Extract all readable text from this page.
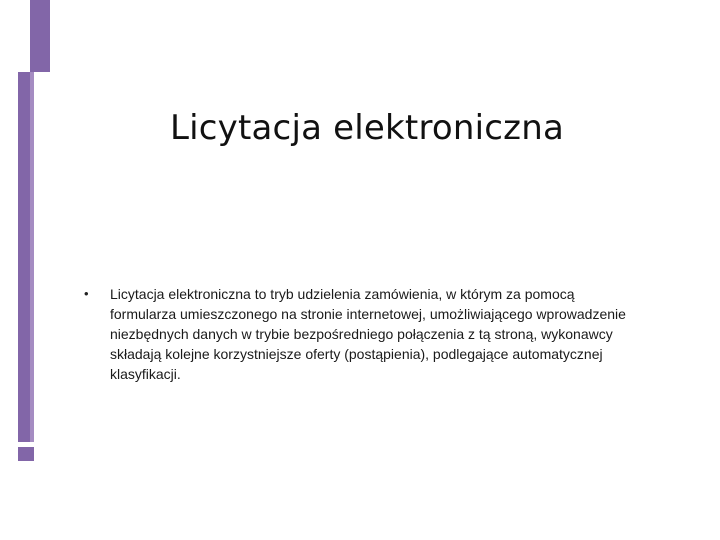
Licytacja elektroniczna
•	Licytacja elektroniczna to tryb udzielenia zamówienia, w którym za pomocą formularza umieszczonego na stronie internetowej, umożliwiającego wprowadzenie niezbędnych danych w trybie bezpośredniego połączenia z tą stroną, wykonawcy składają kolejne korzystniejsze oferty (postąpienia), podlegające automatycznej klasyfikacji.
